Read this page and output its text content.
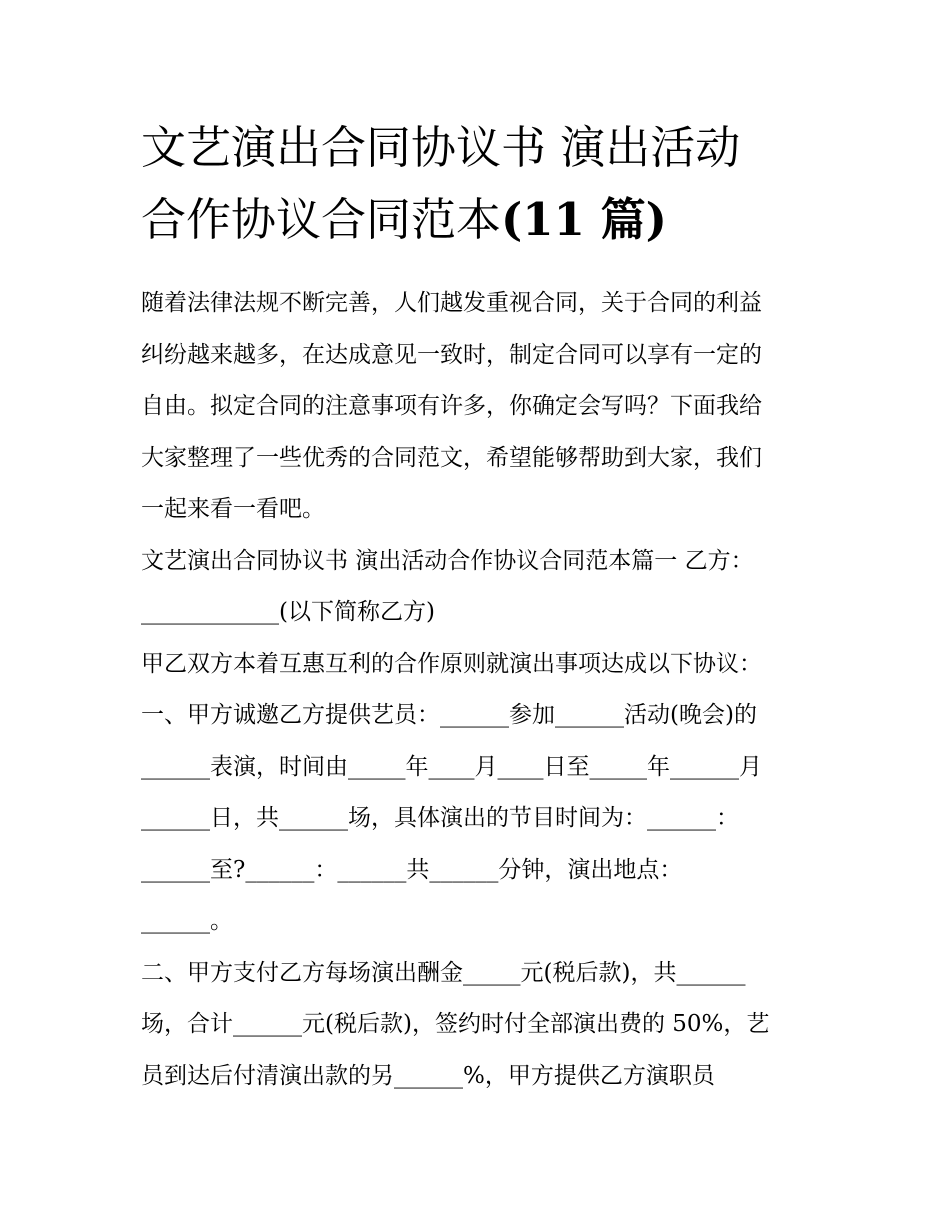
文艺演出合同协议书 演出活动
合作协议合同范本(11 篇)
随着法律法规不断完善，人们越发重视合同，关于合同的利益
纠纷越来越多，在达成意见一致时，制定合同可以享有一定的
自由。拟定合同的注意事项有许多，你确定会写吗？下面我给
大家整理了一些优秀的合同范文，希望能够帮助到大家，我们
一起来看一看吧。
文艺演出合同协议书 演出活动合作协议合同范本篇一 乙方：
____________(以下简称乙方)
甲乙双方本着互惠互利的合作原则就演出事项达成以下协议：
一、甲方诚邀乙方提供艺员：______参加______活动(晚会)的
______表演，时间由_____年____月____日至_____年______月
______日，共______场，具体演出的节目时间为：______：
______至?______：______共______分钟，演出地点：
______。
二、甲方支付乙方每场演出酬金_____元(税后款)，共______
场，合计______元(税后款)，签约时付全部演出费的 50%，艺
员到达后付清演出款的另______%，甲方提供乙方演职员
